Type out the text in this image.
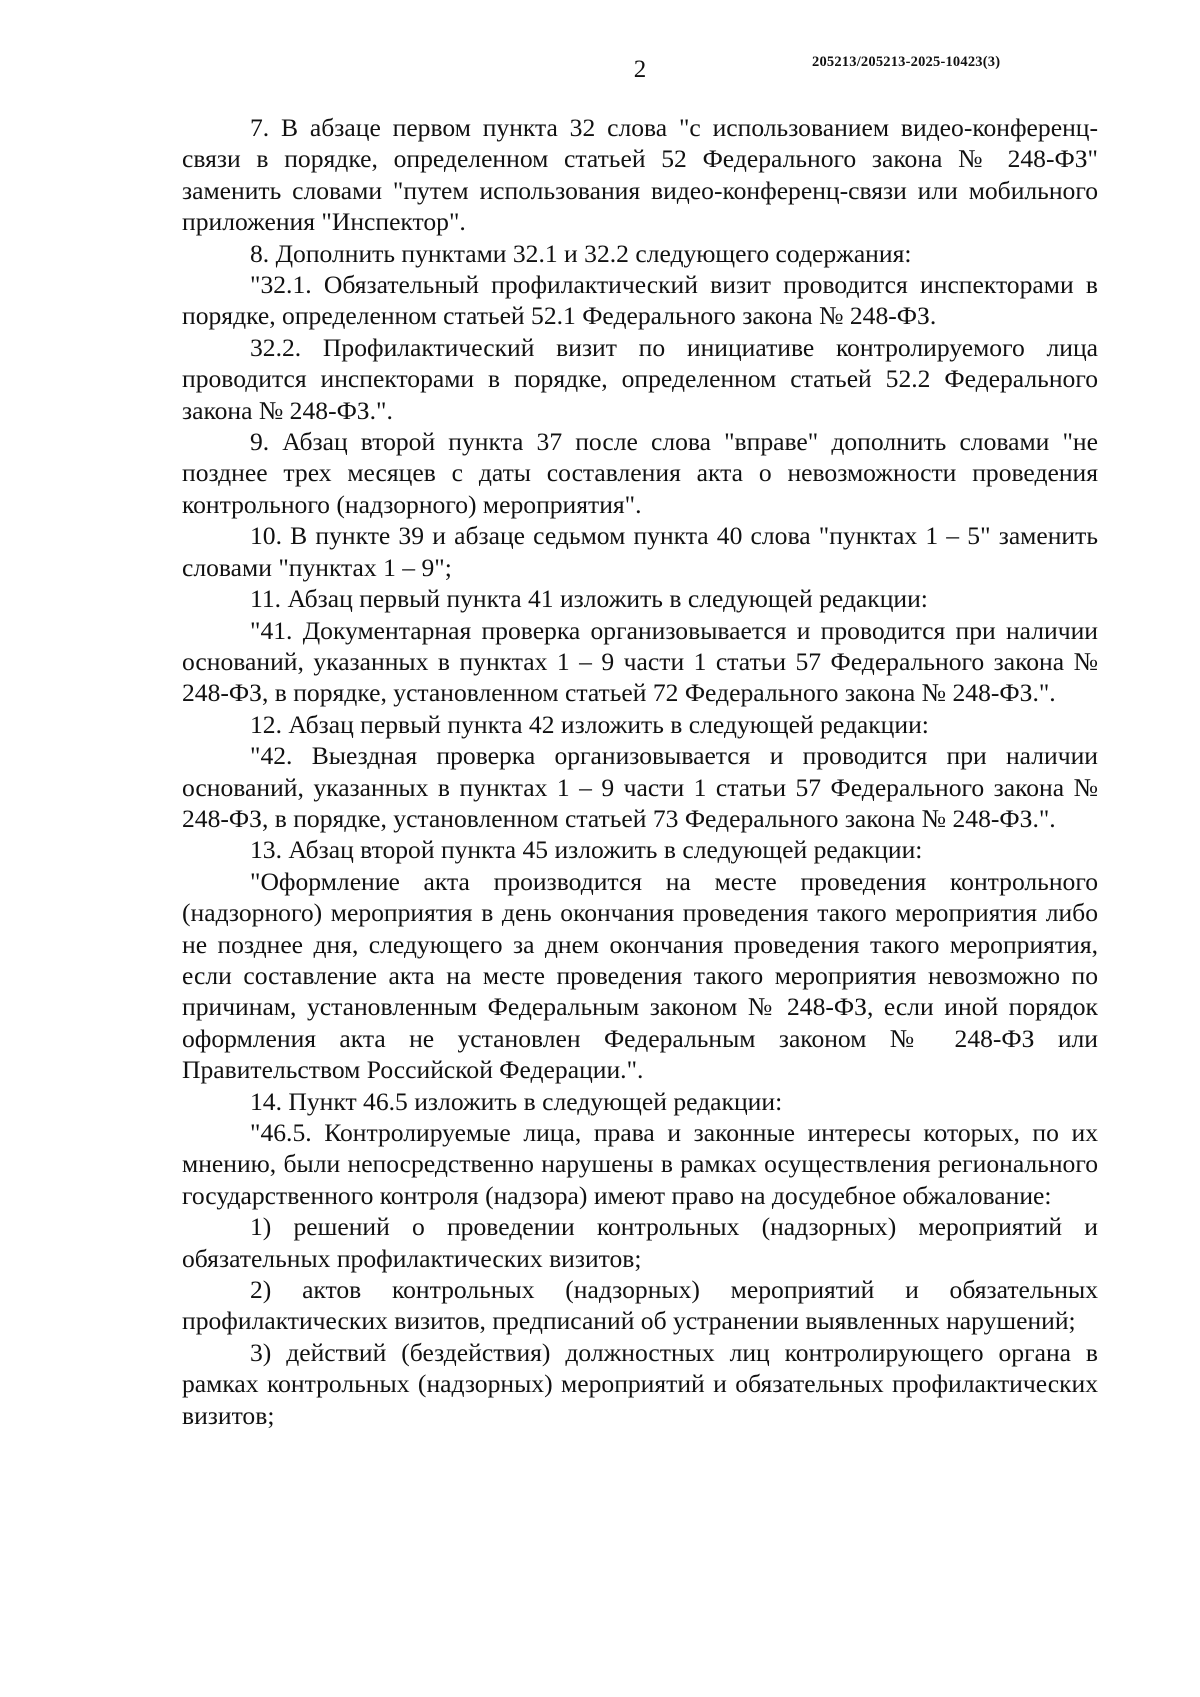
2	205213/205213-2025-10423(3)

7. В абзаце первом пункта 32 слова "с использованием видео-конференц-связи в порядке, определенном статьей 52 Федерального закона № 248-ФЗ" заменить словами "путем использования видео-конференц-связи или мобильного приложения "Инспектор".

8. Дополнить пунктами 32.1 и 32.2 следующего содержания:

"32.1. Обязательный профилактический визит проводится инспекторами в порядке, определенном статьей 52.1 Федерального закона № 248-ФЗ.

32.2. Профилактический визит по инициативе контролируемого лица проводится инспекторами в порядке, определенном статьей 52.2 Федерального закона № 248-ФЗ.".

9. Абзац второй пункта 37 после слова "вправе" дополнить словами "не позднее трех месяцев с даты составления акта о невозможности проведения контрольного (надзорного) мероприятия".

10. В пункте 39 и абзаце седьмом пункта 40 слова "пунктах 1 – 5" заменить словами "пунктах 1 – 9";

11. Абзац первый пункта 41 изложить в следующей редакции:

"41. Документарная проверка организовывается и проводится при наличии оснований, указанных в пунктах 1 – 9 части 1 статьи 57 Федерального закона № 248-ФЗ, в порядке, установленном статьей 72 Федерального закона № 248-ФЗ.".

12. Абзац первый пункта 42 изложить в следующей редакции:

"42. Выездная проверка организовывается и проводится при наличии оснований, указанных в пунктах 1 – 9 части 1 статьи 57 Федерального закона № 248-ФЗ, в порядке, установленном статьей 73 Федерального закона № 248-ФЗ.".

13. Абзац второй пункта 45 изложить в следующей редакции:

"Оформление акта производится на месте проведения контрольного (надзорного) мероприятия в день окончания проведения такого мероприятия либо не позднее дня, следующего за днем окончания проведения такого мероприятия, если составление акта на месте проведения такого мероприятия невозможно по причинам, установленным Федеральным законом № 248-ФЗ, если иной порядок оформления акта не установлен Федеральным законом № 248-ФЗ или Правительством Российской Федерации.".

14. Пункт 46.5 изложить в следующей редакции:

"46.5. Контролируемые лица, права и законные интересы которых, по их мнению, были непосредственно нарушены в рамках осуществления регионального государственного контроля (надзора) имеют право на досудебное обжалование:

1) решений о проведении контрольных (надзорных) мероприятий и обязательных профилактических визитов;

2) актов контрольных (надзорных) мероприятий и обязательных профилактических визитов, предписаний об устранении выявленных нарушений;

3) действий (бездействия) должностных лиц контролирующего органа в рамках контрольных (надзорных) мероприятий и обязательных профилактических визитов;
